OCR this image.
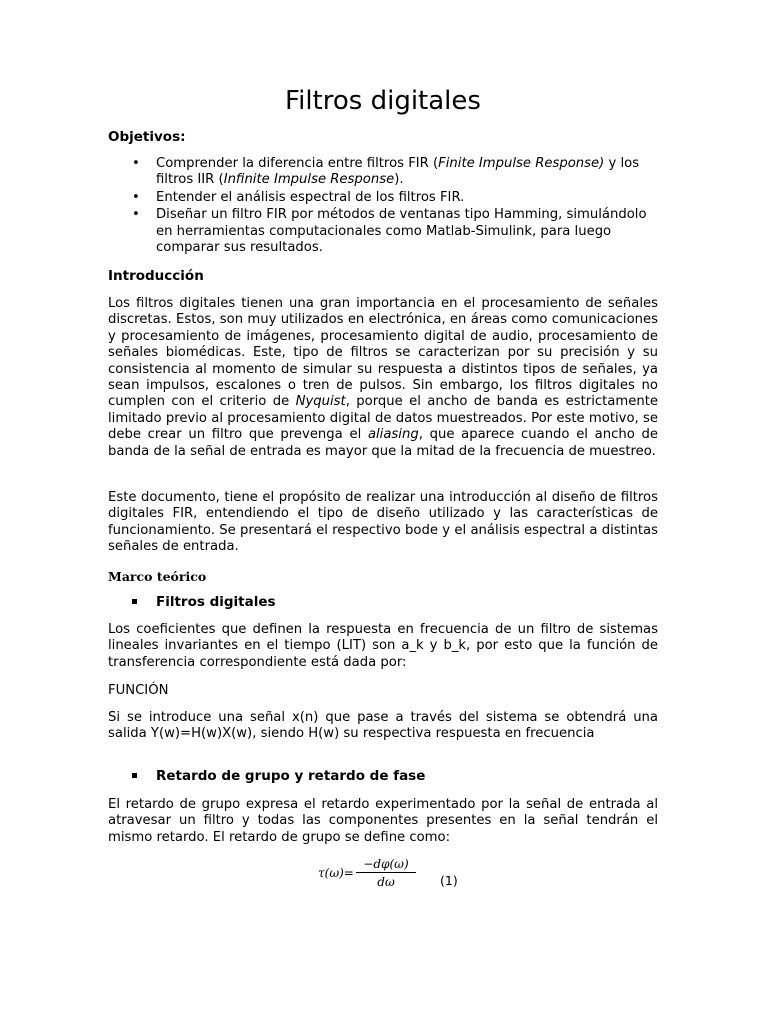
Filtros digitales
Objetivos:
• Comprender la diferencia entre filtros FIR (Finite Impulse Response) y los filtros IIR (Infinite Impulse Response).
• Entender el análisis espectral de los filtros FIR.
• Diseñar un filtro FIR por métodos de ventanas tipo Hamming, simulándolo en herramientas computacionales como Matlab-Simulink, para luego comparar sus resultados.
Introducción

Los filtros digitales tienen una gran importancia en el procesamiento de señales discretas. Estos, son muy utilizados en electrónica, en áreas como comunicaciones y procesamiento de imágenes, procesamiento digital de audio, procesamiento de señales biomédicas. Este, tipo de filtros se caracterizan por su precisión y su consistencia al momento de simular su respuesta a distintos tipos de señales, ya sean impulsos, escalones o tren de pulsos. Sin embargo, los filtros digitales no cumplen con el criterio de Nyquist, porque el ancho de banda es estrictamente limitado previo al procesamiento digital de datos muestreados. Por este motivo, se debe crear un filtro que prevenga el aliasing, que aparece cuando el ancho de banda de la señal de entrada es mayor que la mitad de la frecuencia de muestreo.

Este documento, tiene el propósito de realizar una introducción al diseño de filtros digitales FIR, entendiendo el tipo de diseño utilizado y las características de funcionamiento. Se presentará el respectivo bode y el análisis espectral a distintas señales de entrada.

Marco teórico
Filtros digitales

Los coeficientes que definen la respuesta en frecuencia de un filtro de sistemas lineales invariantes en el tiempo (LIT) son a_k y b_k, por esto que la función de transferencia correspondiente está dada por:

FUNCIÓN

Si se introduce una señal x(n) que pase a través del sistema se obtendrá una salida Y(w)=H(w)X(w), siendo H(w) su respectiva respuesta en frecuencia

Retardo de grupo y retardo de fase

El retardo de grupo expresa el retardo experimentado por la señal de entrada al atravesar un filtro y todas las componentes presentes en la señal tendrán el mismo retardo. El retardo de grupo se define como:

$\tau(\omega)= \frac{-d\varphi(\omega)}{d\omega} (1)$
